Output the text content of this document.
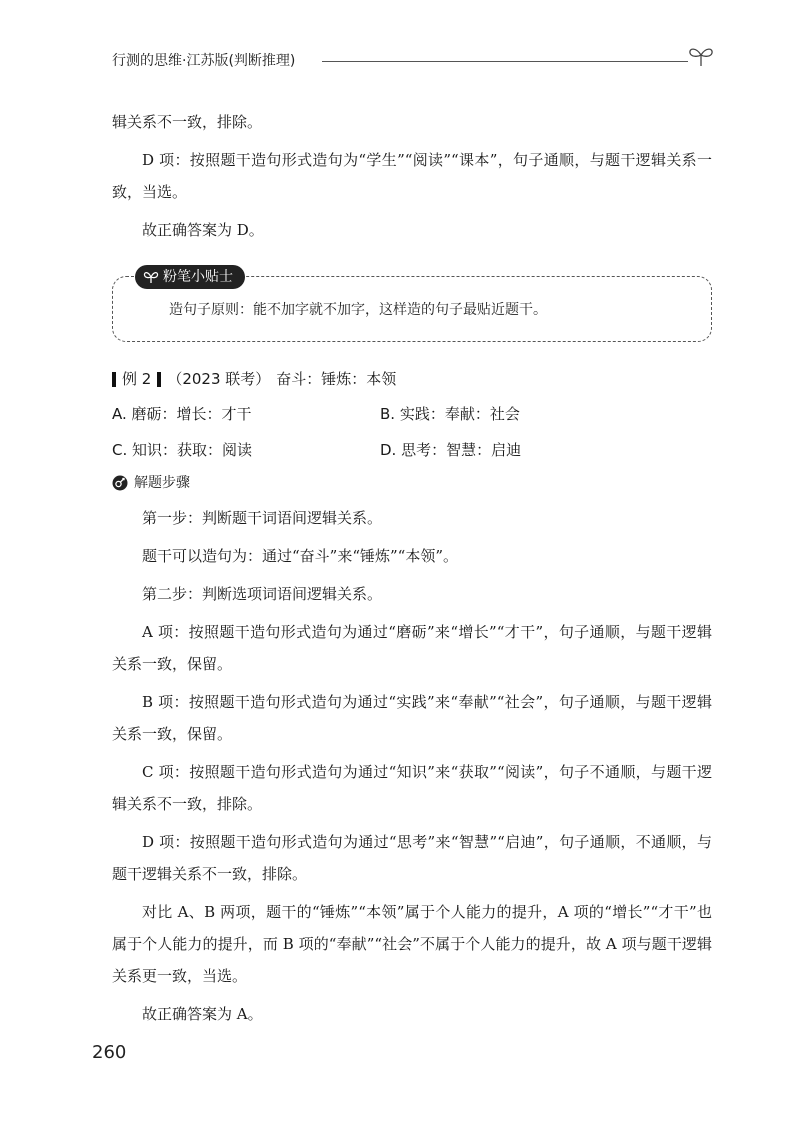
行测的思维·江苏版(判断推理)

辑关系不一致，排除。

D 项：按照题干造句形式造句为“学生”“阅读”“课本”，句子通顺，与题干逻辑关系一致，当选。

故正确答案为 D。

粉笔小贴士
造句子原则：能不加字就不加字，这样造的句子最贴近题干。
例 2 （2023 联考） 奋斗：锤炼：本领
A. 磨砺：增长：才干	B. 实践：奉献：社会
C. 知识：获取：阅读	D. 思考：智慧：启迪
解题步骤

第一步：判断题干词语间逻辑关系。

题干可以造句为：通过“奋斗”来“锤炼”“本领”。

第二步：判断选项词语间逻辑关系。

A 项：按照题干造句形式造句为通过“磨砺”来“增长”“才干”，句子通顺，与题干逻辑关系一致，保留。

B 项：按照题干造句形式造句为通过“实践”来“奉献”“社会”，句子通顺，与题干逻辑关系一致，保留。

C 项：按照题干造句形式造句为通过“知识”来“获取”“阅读”，句子不通顺，与题干逻辑关系不一致，排除。

D 项：按照题干造句形式造句为通过“思考”来“智慧”“启迪”，句子通顺，不通顺，与题干逻辑关系不一致，排除。

对比 A、B 两项，题干的“锤炼”“本领”属于个人能力的提升，A 项的“增长”“才干”也属于个人能力的提升，而 B 项的“奉献”“社会”不属于个人能力的提升，故 A 项与题干逻辑关系更一致，当选。

故正确答案为 A。

260
